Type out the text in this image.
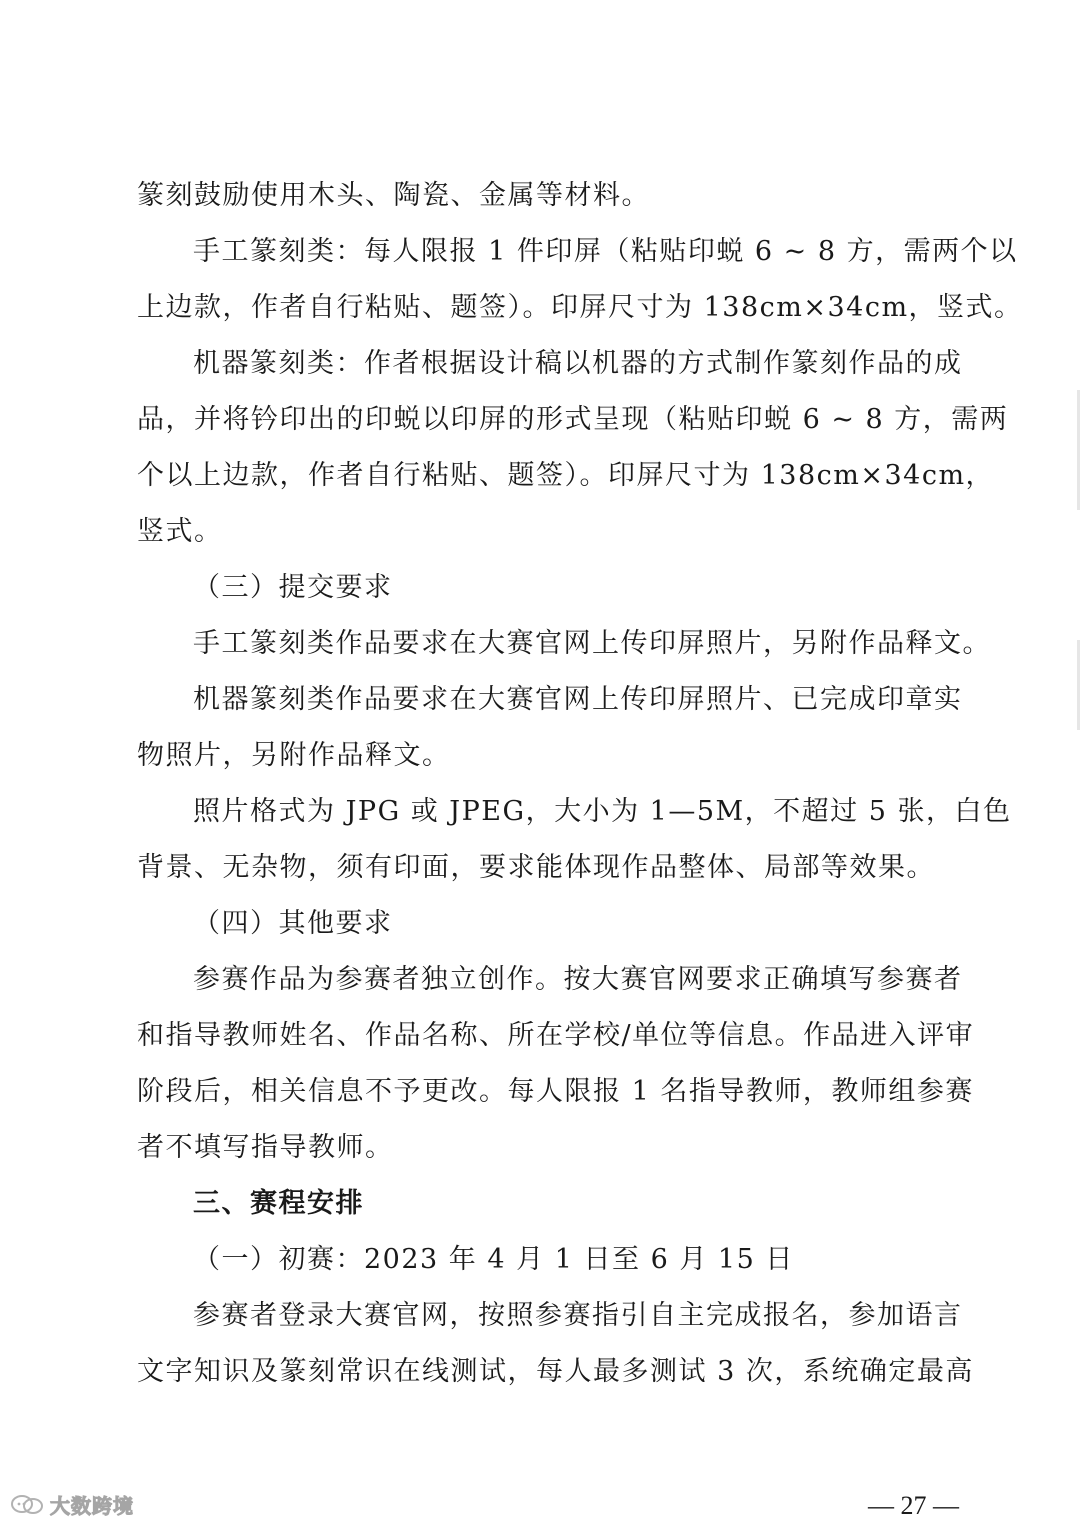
篆刻鼓励使用木头、陶瓷、金属等材料。
手工篆刻类：每人限报 1 件印屏（粘贴印蜕 6 ~ 8 方，需两个以
上边款，作者自行粘贴、题签）。印屏尺寸为 138cm×34cm，竖式。
机器篆刻类：作者根据设计稿以机器的方式制作篆刻作品的成
品，并将钤印出的印蜕以印屏的形式呈现（粘贴印蜕 6 ~ 8 方，需两
个以上边款，作者自行粘贴、题签）。印屏尺寸为 138cm×34cm，
竖式。
（三）提交要求
手工篆刻类作品要求在大赛官网上传印屏照片，另附作品释文。
机器篆刻类作品要求在大赛官网上传印屏照片、已完成印章实
物照片，另附作品释文。
照片格式为 JPG 或 JPEG，大小为 1—5M，不超过 5 张，白色
背景、无杂物，须有印面，要求能体现作品整体、局部等效果。
（四）其他要求
参赛作品为参赛者独立创作。按大赛官网要求正确填写参赛者
和指导教师姓名、作品名称、所在学校/单位等信息。作品进入评审
阶段后，相关信息不予更改。每人限报 1 名指导教师，教师组参赛
者不填写指导教师。
三、赛程安排
（一）初赛：2023 年 4 月 1 日至 6 月 15 日
参赛者登录大赛官网，按照参赛指引自主完成报名，参加语言
文字知识及篆刻常识在线测试，每人最多测试 3 次，系统确定最高
— 27 —
大数跨境
